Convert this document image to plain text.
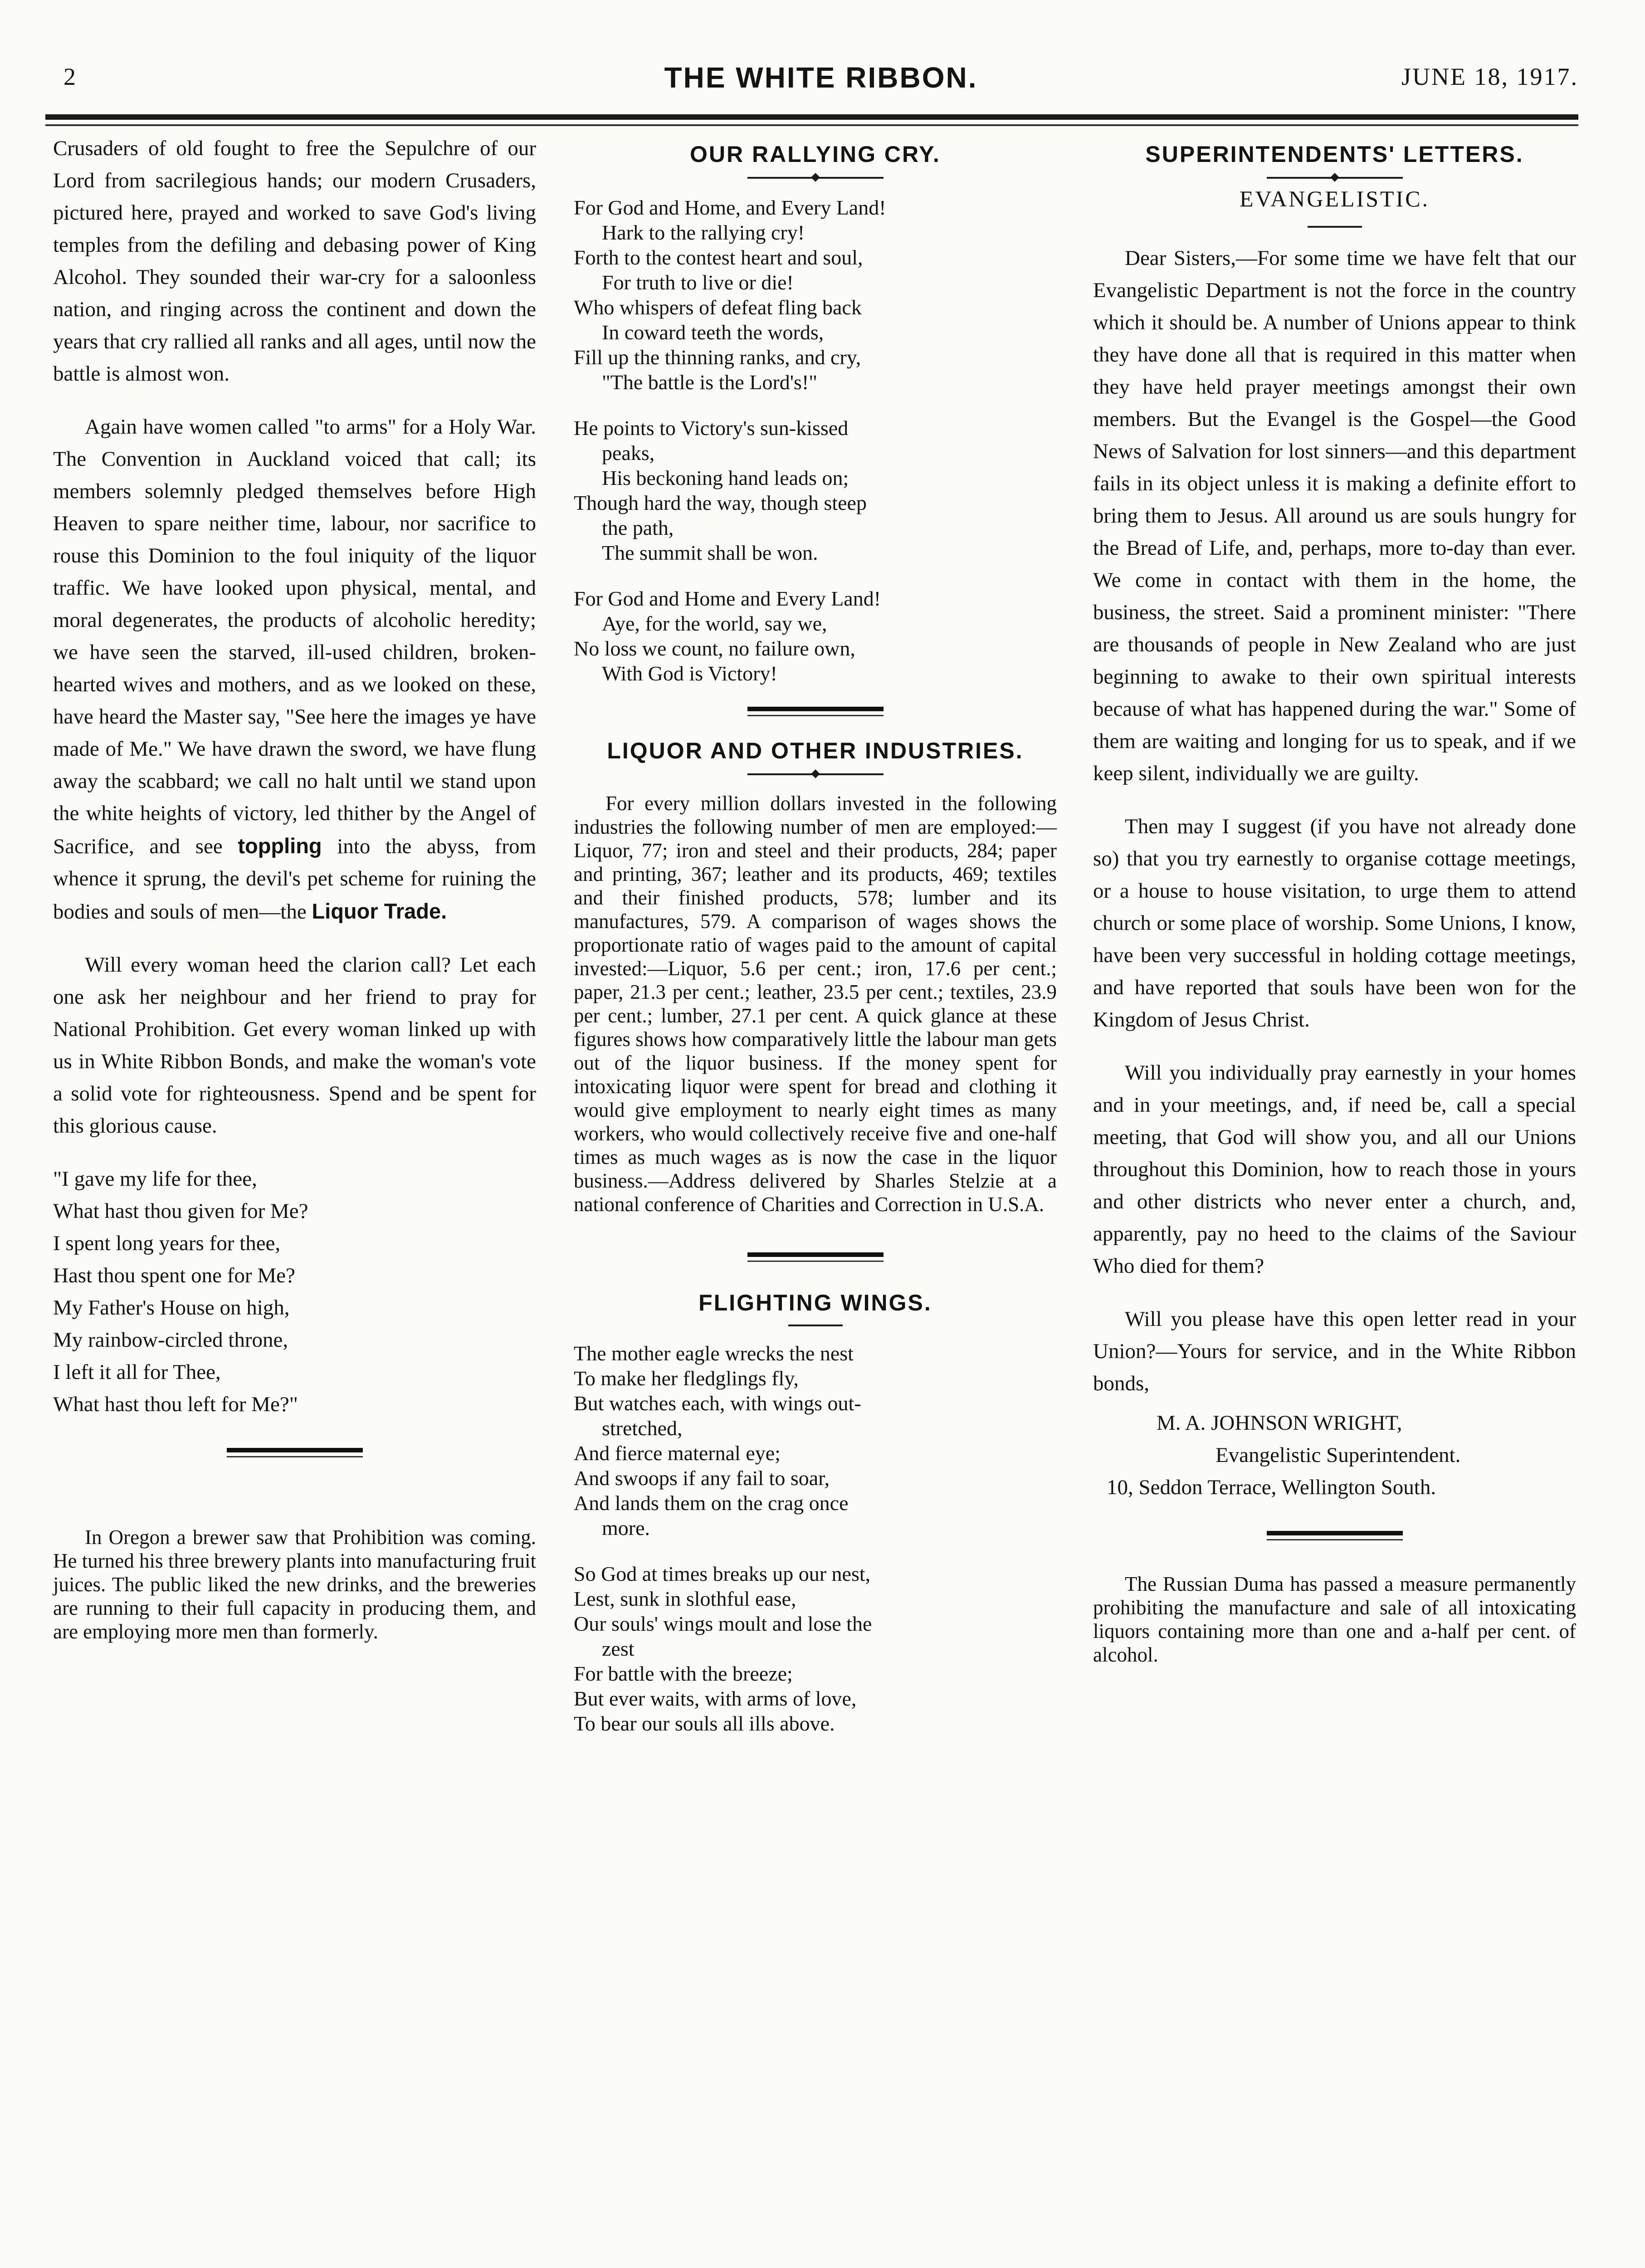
2	THE WHITE RIBBON.	JUNE 18, 1917.

Crusaders of old fought to free the Sepulchre of our Lord from sacrilegious hands; our modern Crusaders, pictured here, prayed and worked to save God's living temples from the defiling and debasing power of King Alcohol. They sounded their war-cry for a saloonless nation, and ringing across the continent and down the years that cry rallied all ranks and all ages, until now the battle is almost won.

Again have women called "to arms" for a Holy War. The Convention in Auckland voiced that call; its members solemnly pledged themselves before High Heaven to spare neither time, labour, nor sacrifice to rouse this Dominion to the foul iniquity of the liquor traffic. We have looked upon physical, mental, and moral degenerates, the products of alcoholic heredity; we have seen the starved, ill-used children, broken-hearted wives and mothers, and as we looked on these, have heard the Master say, "See here the images ye have made of Me." We have drawn the sword, we have flung away the scabbard; we call no halt until we stand upon the white heights of victory, led thither by the Angel of Sacrifice, and see toppling into the abyss, from whence it sprung, the devil's pet scheme for ruining the bodies and souls of men—the Liquor Trade.

Will every woman heed the clarion call? Let each one ask her neighbour and her friend to pray for National Prohibition. Get every woman linked up with us in White Ribbon Bonds, and make the woman's vote a solid vote for righteousness. Spend and be spent for this glorious cause.

"I gave my life for thee,
What hast thou given for Me?
I spent long years for thee,
Hast thou spent one for Me?
My Father's House on high,
My rainbow-circled throne,
I left it all for Thee,
What hast thou left for Me?"

In Oregon a brewer saw that Prohibition was coming. He turned his three brewery plants into manufacturing fruit juices. The public liked the new drinks, and the breweries are running to their full capacity in producing them, and are employing more men than formerly.

OUR RALLYING CRY.
For God and Home, and Every Land!
Hark to the rallying cry!
Forth to the contest heart and soul,
For truth to live or die!
Who whispers of defeat fling back
In coward teeth the words,
Fill up the thinning ranks, and cry,
"The battle is the Lord's!"
He points to Victory's sun-kissed
peaks,
His beckoning hand leads on;
Though hard the way, though steep
the path,
The summit shall be won.
For God and Home and Every Land!
Aye, for the world, say we,
No loss we count, no failure own,
With God is Victory!
LIQUOR AND OTHER INDUSTRIES.

For every million dollars invested in the following industries the following number of men are employed:—Liquor, 77; iron and steel and their products, 284; paper and printing, 367; leather and its products, 469; textiles and their finished products, 578; lumber and its manufactures, 579. A comparison of wages shows the proportionate ratio of wages paid to the amount of capital invested:—Liquor, 5.6 per cent.; iron, 17.6 per cent.; paper, 21.3 per cent.; leather, 23.5 per cent.; textiles, 23.9 per cent.; lumber, 27.1 per cent. A quick glance at these figures shows how comparatively little the labour man gets out of the liquor business. If the money spent for intoxicating liquor were spent for bread and clothing it would give employment to nearly eight times as many workers, who would collectively receive five and one-half times as much wages as is now the case in the liquor business.—Address delivered by Sharles Stelzie at a national conference of Charities and Correction in U.S.A.

FLIGHTING WINGS.
The mother eagle wrecks the nest
To make her fledglings fly,
But watches each, with wings out-
stretched,
And fierce maternal eye;
And swoops if any fail to soar,
And lands them on the crag once
more.
So God at times breaks up our nest,
Lest, sunk in slothful ease,
Our souls' wings moult and lose the
zest
For battle with the breeze;
But ever waits, with arms of love,
To bear our souls all ills above.
SUPERINTENDENTS' LETTERS.
EVANGELISTIC.

Dear Sisters,—For some time we have felt that our Evangelistic Department is not the force in the country which it should be. A number of Unions appear to think they have done all that is required in this matter when they have held prayer meetings amongst their own members. But the Evangel is the Gospel—the Good News of Salvation for lost sinners—and this department fails in its object unless it is making a definite effort to bring them to Jesus. All around us are souls hungry for the Bread of Life, and, perhaps, more to-day than ever. We come in contact with them in the home, the business, the street. Said a prominent minister: "There are thousands of people in New Zealand who are just beginning to awake to their own spiritual interests because of what has happened during the war." Some of them are waiting and longing for us to speak, and if we keep silent, individually we are guilty.

Then may I suggest (if you have not already done so) that you try earnestly to organise cottage meetings, or a house to house visitation, to urge them to attend church or some place of worship. Some Unions, I know, have been very successful in holding cottage meetings, and have reported that souls have been won for the Kingdom of Jesus Christ.

Will you individually pray earnestly in your homes and in your meetings, and, if need be, call a special meeting, that God will show you, and all our Unions throughout this Dominion, how to reach those in yours and other districts who never enter a church, and, apparently, pay no heed to the claims of the Saviour Who died for them?

Will you please have this open letter read in your Union?—Yours for service, and in the White Ribbon bonds,

M. A. JOHNSON WRIGHT,
Evangelistic Superintendent.
10, Seddon Terrace, Wellington South.

The Russian Duma has passed a measure permanently prohibiting the manufacture and sale of all intoxicating liquors containing more than one and a-half per cent. of alcohol.
